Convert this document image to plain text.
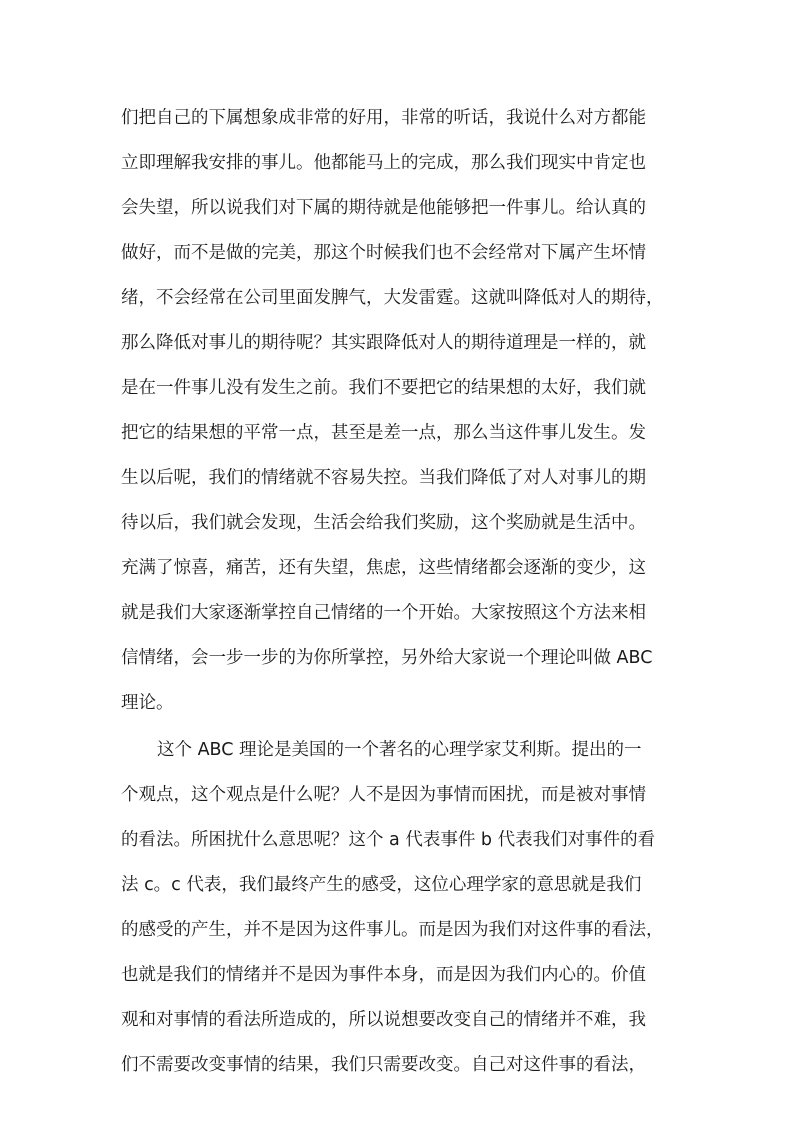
们把自己的下属想象成非常的好用，非常的听话，我说什么对方都能
立即理解我安排的事儿。他都能马上的完成，那么我们现实中肯定也
会失望，所以说我们对下属的期待就是他能够把一件事儿。给认真的
做好，而不是做的完美，那这个时候我们也不会经常对下属产生坏情
绪，不会经常在公司里面发脾气，大发雷霆。这就叫降低对人的期待，
那么降低对事儿的期待呢？其实跟降低对人的期待道理是一样的，就
是在一件事儿没有发生之前。我们不要把它的结果想的太好，我们就
把它的结果想的平常一点，甚至是差一点，那么当这件事儿发生。发
生以后呢，我们的情绪就不容易失控。当我们降低了对人对事儿的期
待以后，我们就会发现，生活会给我们奖励，这个奖励就是生活中。
充满了惊喜，痛苦，还有失望，焦虑，这些情绪都会逐渐的变少，这
就是我们大家逐渐掌控自己情绪的一个开始。大家按照这个方法来相
信情绪，会一步一步的为你所掌控，另外给大家说一个理论叫做 ABC
理论。
这个 ABC 理论是美国的一个著名的心理学家艾利斯。提出的一
个观点，这个观点是什么呢？人不是因为事情而困扰，而是被对事情
的看法。所困扰什么意思呢？这个 a 代表事件 b 代表我们对事件的看
法 c。c 代表，我们最终产生的感受，这位心理学家的意思就是我们
的感受的产生，并不是因为这件事儿。而是因为我们对这件事的看法，
也就是我们的情绪并不是因为事件本身，而是因为我们内心的。价值
观和对事情的看法所造成的，所以说想要改变自己的情绪并不难，我
们不需要改变事情的结果，我们只需要改变。自己对这件事的看法，
